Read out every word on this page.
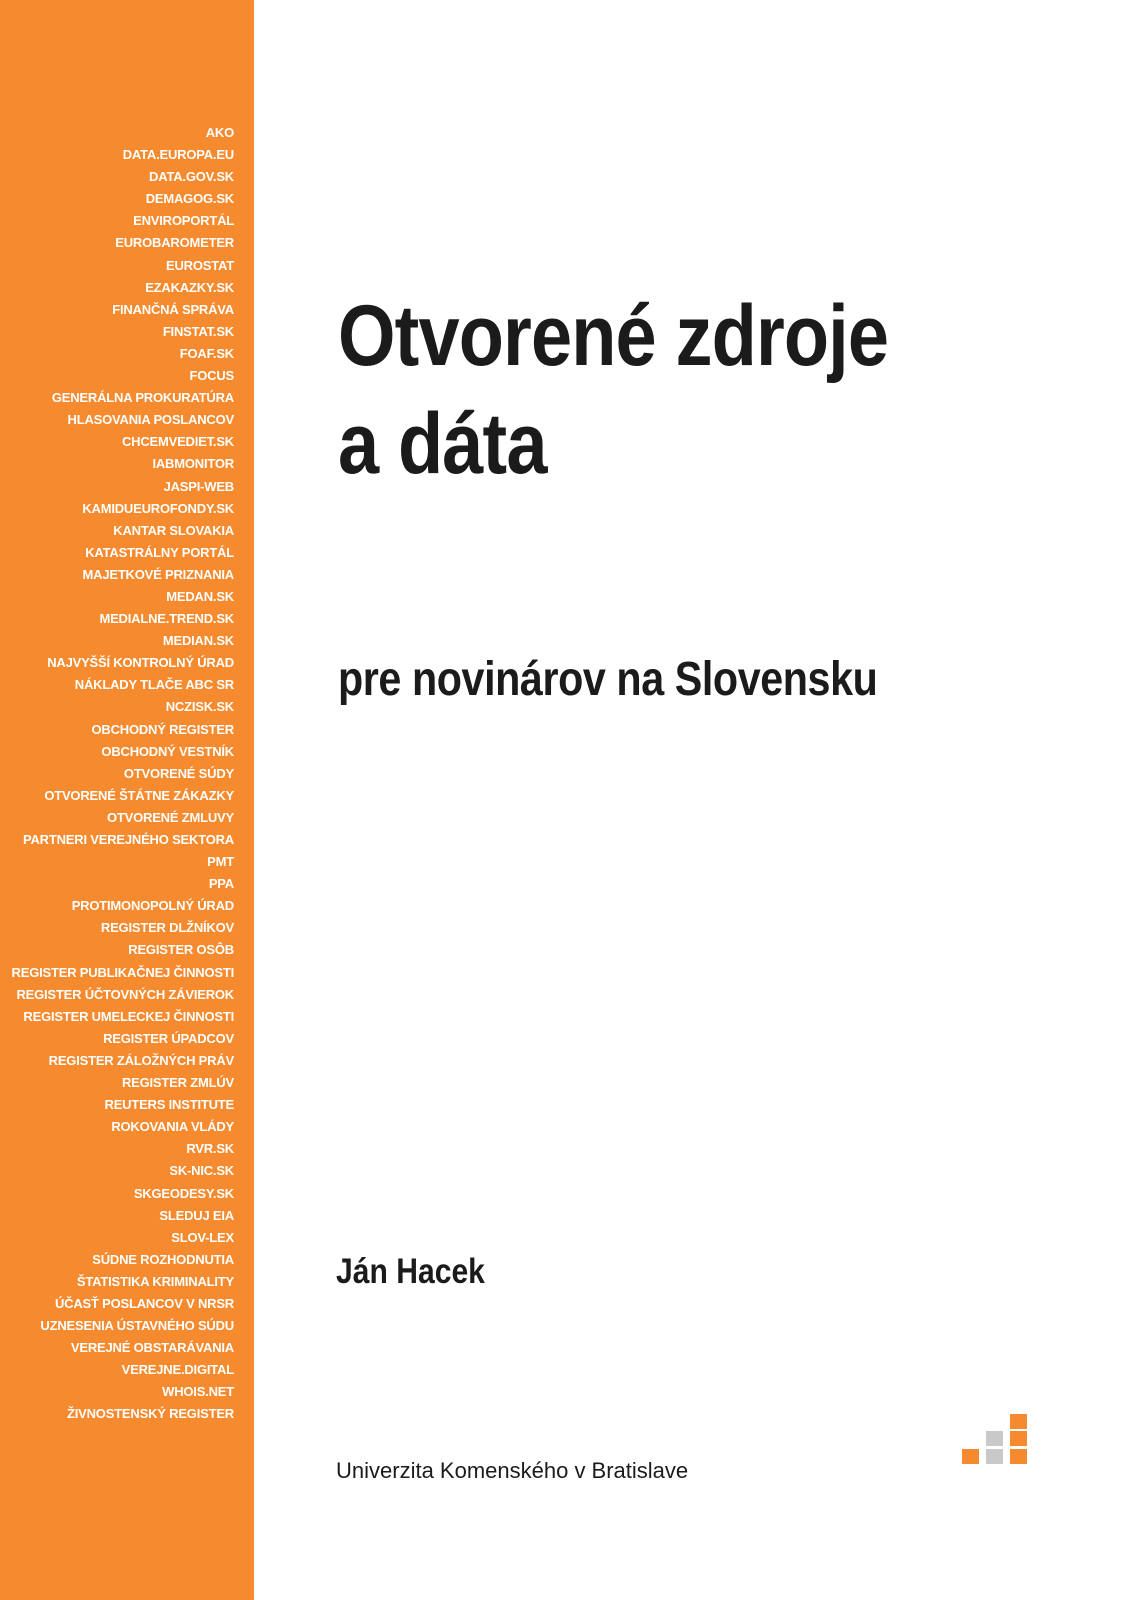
AKO
DATA.EUROPA.EU
DATA.GOV.SK
DEMAGOG.SK
ENVIROPORTÁL
EUROBAROMETER
EUROSTAT
EZAKAZKY.SK
FINANČNÁ SPRÁVA
FINSTAT.SK
FOAF.SK
FOCUS
GENERÁLNA PROKURATÚRA
HLASOVANIA POSLANCOV
CHCEMVEDIET.SK
IABMONITOR
JASPI-WEB
KAMIDUEUROFONDY.SK
KANTAR SLOVAKIA
KATASTRÁLNY PORTÁL
MAJETKOVÉ PRIZNANIA
MEDAN.SK
MEDIALNE.TREND.SK
MEDIAN.SK
NAJVYŠŠÍ KONTROLNÝ ÚRAD
NÁKLADY TLAČE ABC SR
NCZISK.SK
OBCHODNÝ REGISTER
OBCHODNÝ VESTNÍK
OTVORENÉ SÚDY
OTVORENÉ ŠTÁTNE ZÁKAZKY
OTVORENÉ ZMLUVY
PARTNERI VEREJNÉHO SEKTORA
PMT
PPA
PROTIMONOPOLNÝ ÚRAD
REGISTER DLŽNÍKOV
REGISTER OSÔB
REGISTER PUBLIKAČNEJ ČINNOSTI
REGISTER ÚČTOVNÝCH ZÁVIEROK
REGISTER UMELECKEJ ČINNOSTI
REGISTER ÚPADCOV
REGISTER ZÁLOŽNÝCH PRÁV
REGISTER ZMLÚV
REUTERS INSTITUTE
ROKOVANIA VLÁDY
RVR.SK
SK-NIC.SK
SKGEODESY.SK
SLEDUJ EIA
SLOV-LEX
SÚDNE ROZHODNUTIA
ŠTATISTIKA KRIMINALITY
ÚČASŤ POSLANCOV V NRSR
UZNESENIA ÚSTAVNÉHO SÚDU
VEREJNÉ OBSTARÁVANIA
VEREJNE.DIGITAL
WHOIS.NET
ŽIVNOSTENSKÝ REGISTER
Otvorené zdroje
a dáta
pre novinárov na Slovensku
Ján Hacek
Univerzita Komenského v Bratislave
